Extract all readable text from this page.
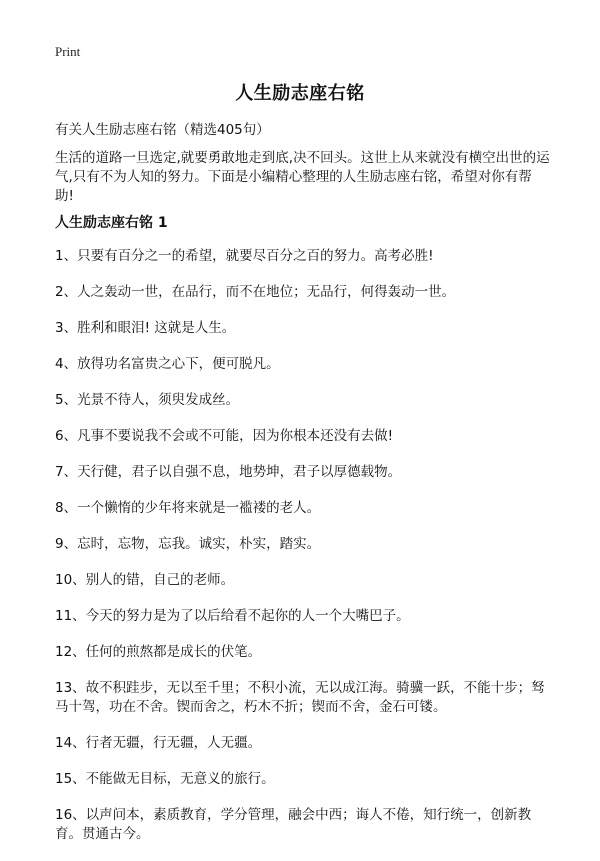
Print
人生励志座右铭

有关人生励志座右铭（精选405句）

生活的道路一旦选定,就要勇敢地走到底,决不回头。这世上从来就没有横空出世的运气,只有不为人知的努力。下面是小编精心整理的人生励志座右铭，希望对你有帮助!

人生励志座右铭 1
1、只要有百分之一的希望，就要尽百分之百的努力。高考必胜!
2、人之轰动一世，在品行，而不在地位；无品行，何得轰动一世。
3、胜利和眼泪! 这就是人生。
4、放得功名富贵之心下，便可脱凡。
5、光景不待人，须臾发成丝。
6、凡事不要说我不会或不可能，因为你根本还没有去做!
7、天行健，君子以自强不息，地势坤，君子以厚德载物。
8、一个懒惰的少年将来就是一褴褛的老人。
9、忘时，忘物，忘我。诚实，朴实，踏实。
10、别人的错，自己的老师。
11、今天的努力是为了以后给看不起你的人一个大嘴巴子。
12、任何的煎熬都是成长的伏笔。
13、故不积跬步，无以至千里；不积小流，无以成江海。骑骥一跃，不能十步；驽马十驾，功在不舍。锲而舍之，朽木不折；锲而不舍，金石可镂。
14、行者无疆，行无疆，人无疆。
15、不能做无目标，无意义的旅行。
16、以声问本，素质教育，学分管理，融会中西；诲人不倦，知行统一，创新教育。贯通古今。
